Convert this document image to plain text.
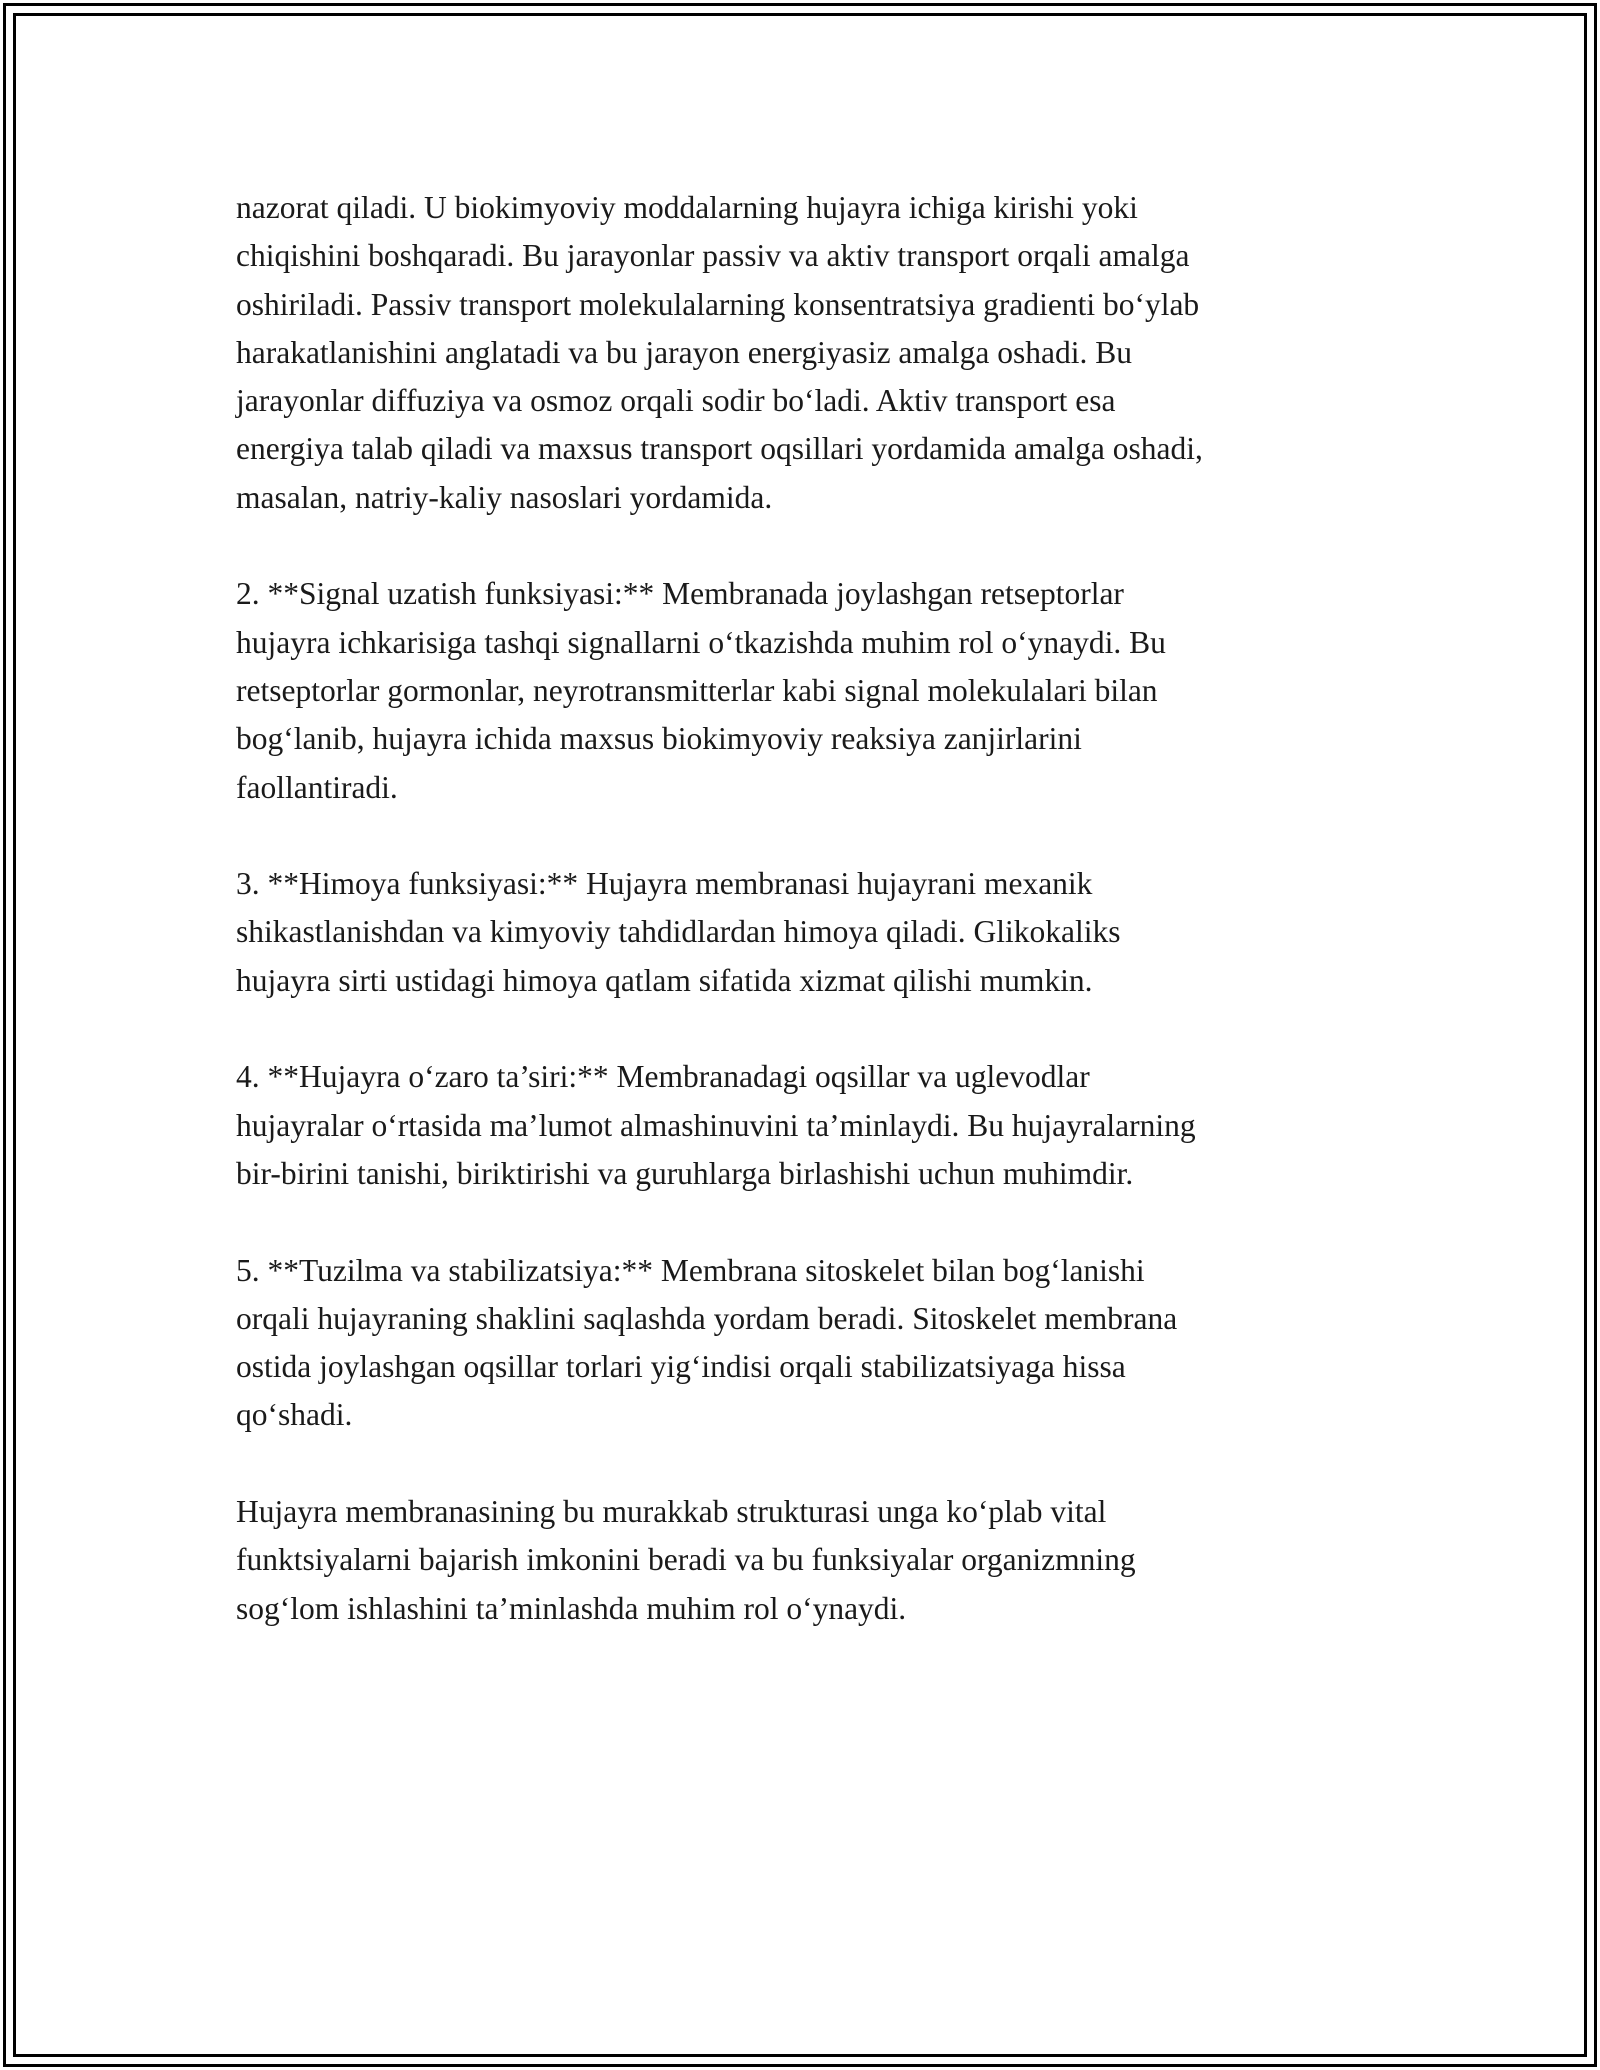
nazorat qiladi. U biokimyoviy moddalarning hujayra ichiga kirishi yoki
chiqishini boshqaradi. Bu jarayonlar passiv va aktiv transport orqali amalga
oshiriladi. Passiv transport molekulalarning konsentratsiya gradienti bo‘ylab
harakatlanishini anglatadi va bu jarayon energiyasiz amalga oshadi. Bu
jarayonlar diffuziya va osmoz orqali sodir bo‘ladi. Aktiv transport esa
energiya talab qiladi va maxsus transport oqsillari yordamida amalga oshadi,
masalan, natriy-kaliy nasoslari yordamida.

2. **Signal uzatish funksiyasi:** Membranada joylashgan retseptorlar
hujayra ichkarisiga tashqi signallarni o‘tkazishda muhim rol o‘ynaydi. Bu
retseptorlar gormonlar, neyrotransmitterlar kabi signal molekulalari bilan
bog‘lanib, hujayra ichida maxsus biokimyoviy reaksiya zanjirlarini
faollantiradi.

3. **Himoya funksiyasi:** Hujayra membranasi hujayrani mexanik
shikastlanishdan va kimyoviy tahdidlardan himoya qiladi. Glikokaliks
hujayra sirti ustidagi himoya qatlam sifatida xizmat qilishi mumkin.

4. **Hujayra o‘zaro ta’siri:** Membranadagi oqsillar va uglevodlar
hujayralar o‘rtasida ma’lumot almashinuvini ta’minlaydi. Bu hujayralarning
bir-birini tanishi, biriktirishi va guruhlarga birlashishi uchun muhimdir.

5. **Tuzilma va stabilizatsiya:** Membrana sitoskelet bilan bog‘lanishi
orqali hujayraning shaklini saqlashda yordam beradi. Sitoskelet membrana
ostida joylashgan oqsillar torlari yig‘indisi orqali stabilizatsiyaga hissa
qo‘shadi.

Hujayra membranasining bu murakkab strukturasi unga ko‘plab vital
funktsiyalarni bajarish imkonini beradi va bu funksiyalar organizmning
sog‘lom ishlashini ta’minlashda muhim rol o‘ynaydi.
